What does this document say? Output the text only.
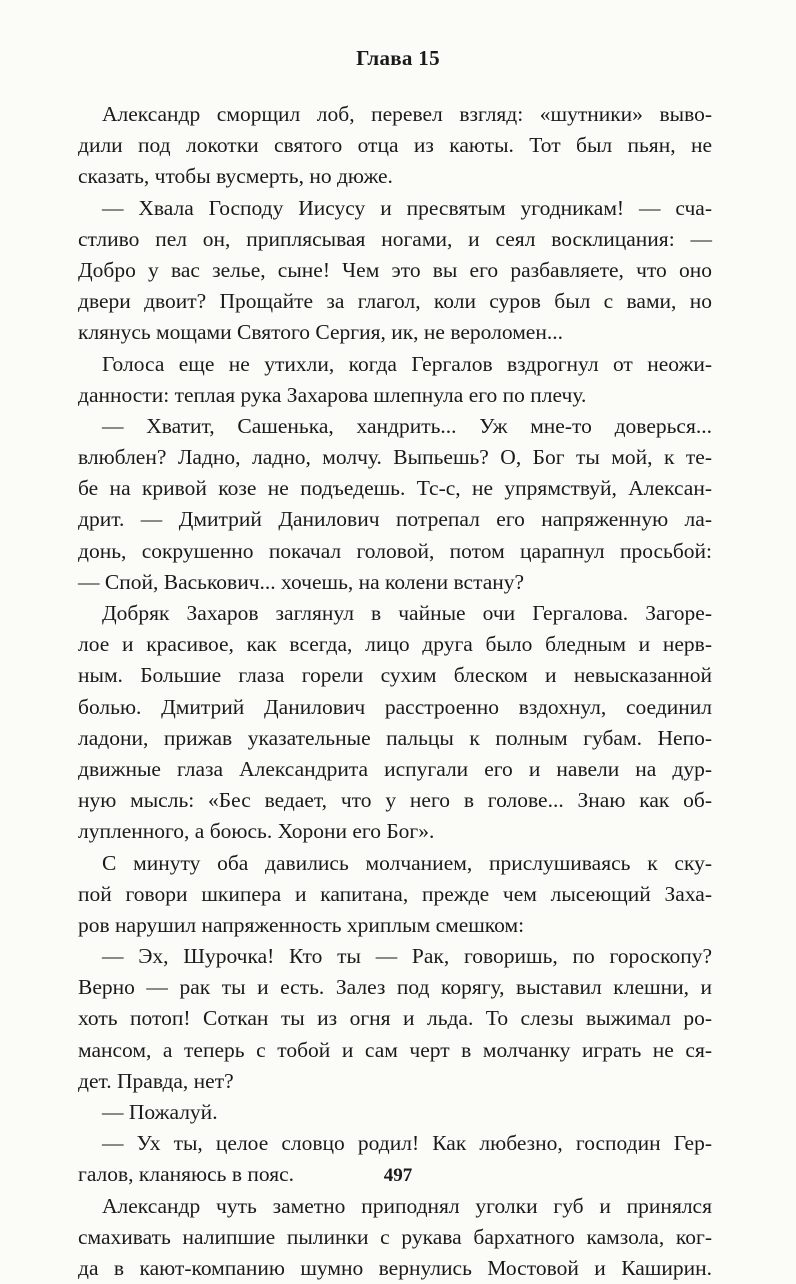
Глава 15
Александр сморщил лоб, перевел взгляд: «шутники» выво-
дили под локотки святого отца из каюты. Тот был пьян, не
сказать, чтобы вусмерть, но дюже.
— Хвала Господу Иисусу и пресвятым угодникам! — сча-
стливо пел он, приплясывая ногами, и сеял восклицания: —
Добро у вас зелье, сыне! Чем это вы его разбавляете, что оно
двери двоит? Прощайте за глагол, коли суров был с вами, но
клянусь мощами Святого Сергия, ик, не вероломен...
Голоса еще не утихли, когда Гергалов вздрогнул от неожи-
данности: теплая рука Захарова шлепнула его по плечу.
— Хватит, Сашенька, хандрить... Уж мне-то доверься...
влюблен? Ладно, ладно, молчу. Выпьешь? О, Бог ты мой, к те-
бе на кривой козе не подъедешь. Тс-с, не упрямствуй, Алексан-
дрит. — Дмитрий Данилович потрепал его напряженную ла-
донь, сокрушенно покачал головой, потом царапнул просьбой:
— Спой, Васькович... хочешь, на колени встану?
Добряк Захаров заглянул в чайные очи Гергалова. Загоре-
лое и красивое, как всегда, лицо друга было бледным и нерв-
ным. Большие глаза горели сухим блеском и невысказанной
болью. Дмитрий Данилович расстроенно вздохнул, соединил
ладони, прижав указательные пальцы к полным губам. Непо-
движные глаза Александрита испугали его и навели на дур-
ную мысль: «Бес ведает, что у него в голове... Знаю как об-
лупленного, а боюсь. Хорони его Бог».
С минуту оба давились молчанием, прислушиваясь к ску-
пой говори шкипера и капитана, прежде чем лысеющий Заха-
ров нарушил напряженность хриплым смешком:
— Эх, Шурочка! Кто ты — Рак, говоришь, по гороскопу?
Верно — рак ты и есть. Залез под корягу, выставил клешни, и
хоть потоп! Соткан ты из огня и льда. То слезы выжимал ро-
мансом, а теперь с тобой и сам черт в молчанку играть не ся-
дет. Правда, нет?
— Пожалуй.
— Ух ты, целое словцо родил! Как любезно, господин Гер-
галов, кланяюсь в пояс.
Александр чуть заметно приподнял уголки губ и принялся
смахивать налипшие пылинки с рукава бархатного камзола, ког-
да в кают-компанию шумно вернулись Мостовой и Каширин.
497
